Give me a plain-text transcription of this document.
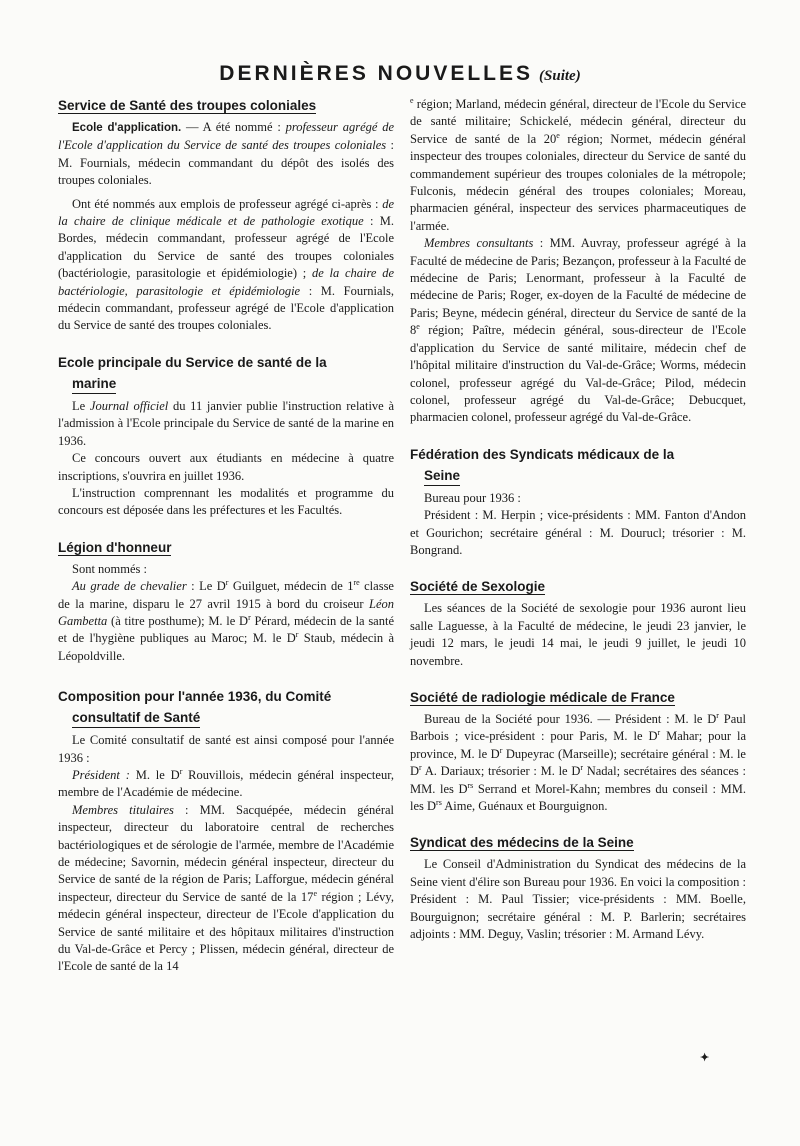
DERNIÈRES NOUVELLES (Suite)
Service de Santé des troupes coloniales

Ecole d'application. — A été nommé : professeur agrégé de l'Ecole d'application du Service de santé des troupes coloniales : M. Fournials, médecin commandant du dépôt des isolés des troupes coloniales.

Ont été nommés aux emplois de professeur agrégé ci-après : de la chaire de clinique médicale et de pathologie exotique : M. Bordes, médecin commandant, professeur agrégé de l'Ecole d'application du Service de santé des troupes coloniales (bactériologie, parasitologie et épidémiologie) ; de la chaire de bactériologie, parasitologie et épidémiologie : M. Fournials, médecin commandant, professeur agrégé de l'Ecole d'application du Service de santé des troupes coloniales.

Ecole principale du Service de santé de la
marine

Le Journal officiel du 11 janvier publie l'instruction relative à l'admission à l'Ecole principale du Service de santé de la marine en 1936.

Ce concours ouvert aux étudiants en médecine à quatre inscriptions, s'ouvrira en juillet 1936.

L'instruction comprennant les modalités et programme du concours est déposée dans les préfectures et les Facultés.

Légion d'honneur

Sont nommés :

Au grade de chevalier : Le $D^r$ Guilguet, médecin de 1re classe de la marine, disparu le 27 avril 1915 à bord du croiseur Léon Gambetta (à titre posthume); M. le $D^r$ Pérard, médecin de la santé et de l'hygiène publiques au Maroc; M. le $D^r$ Staub, médecin à Léopoldville.

Composition pour l'année 1936, du Comité
consultatif de Santé

Le Comité consultatif de santé est ainsi composé pour l'année 1936 :

Président : M. le $D^r$ Rouvillois, médecin général inspecteur, membre de l'Académie de médecine.

Membres titulaires : MM. Sacquépée, médecin général inspecteur, directeur du laboratoire central de recherches bactériologiques et de sérologie de l'armée, membre de l'Académie de médecine; Savornin, médecin général inspecteur, directeur du Service de santé de la région de Paris; Lafforgue, médecin général inspecteur, directeur du Service de santé de la 17e région ; Lévy, médecin général inspecteur, directeur de l'Ecole d'application du Service de santé militaire et des hôpitaux militaires d'instruction du Val-de-Grâce et Percy ; Plissen, médecin général, directeur de l'Ecole de santé de la 14

$^e$ région; Marland, médecin général, directeur de l'Ecole du Service de santé militaire; Schickelé, médecin général, directeur du Service de santé de la 20e région; Normet, médecin général inspecteur des troupes coloniales, directeur du Service de santé du commandement supérieur des troupes coloniales de la métropole; Fulconis, médecin général des troupes coloniales; Moreau, pharmacien général, inspecteur des services pharmaceutiques de l'armée.

Membres consultants : MM. Auvray, professeur agrégé à la Faculté de médecine de Paris; Bezançon, professeur à la Faculté de médecine de Paris; Lenormant, professeur à la Faculté de médecine de Paris; Roger, ex-doyen de la Faculté de médecine de Paris; Beyne, médecin général, directeur du Service de santé de la 8e région; Paître, médecin général, sous-directeur de l'Ecole d'application du Service de santé militaire, médecin chef de l'hôpital militaire d'instruction du Val-de-Grâce; Worms, médecin colonel, professeur agrégé du Val-de-Grâce; Pilod, médecin colonel, professeur agrégé du Val-de-Grâce; Debucquet, pharmacien colonel, professeur agrégé du Val-de-Grâce.

Fédération des Syndicats médicaux de la
Seine

Bureau pour 1936 :

Président : M. Herpin ; vice-présidents : MM. Fanton d'Andon et Gourichon; secrétaire général : M. Dourucl; trésorier : M. Bongrand.

Société de Sexologie

Les séances de la Société de sexologie pour 1936 auront lieu salle Laguesse, à la Faculté de médecine, le jeudi 23 janvier, le jeudi 12 mars, le jeudi 14 mai, le jeudi 9 juillet, le jeudi 10 novembre.

Société de radiologie médicale de France

Bureau de la Société pour 1936. — Président : M. le $D^r$ Paul Barbois ; vice-président : pour Paris, M. le $D^r$ Mahar; pour la province, M. le $D^r$ Dupeyrac (Marseille); secrétaire général : M. le $D^r$ A. Dariaux; trésorier : M. le $D^r$ Nadal; secrétaires des séances : MM. les $D^{rs}$ Serrand et Morel-Kahn; membres du conseil : MM. les $D^{rs}$ Aime, Guénaux et Bourguignon.

Syndicat des médecins de la Seine

Le Conseil d'Administration du Syndicat des médecins de la Seine vient d'élire son Bureau pour 1936. En voici la composition : Président : M. Paul Tissier; vice-présidents : MM. Boelle, Bourguignon; secrétaire général : M. P. Barlerin; secrétaires adjoints : MM. Deguy, Vaslin; trésorier : M. Armand Lévy.

✦
